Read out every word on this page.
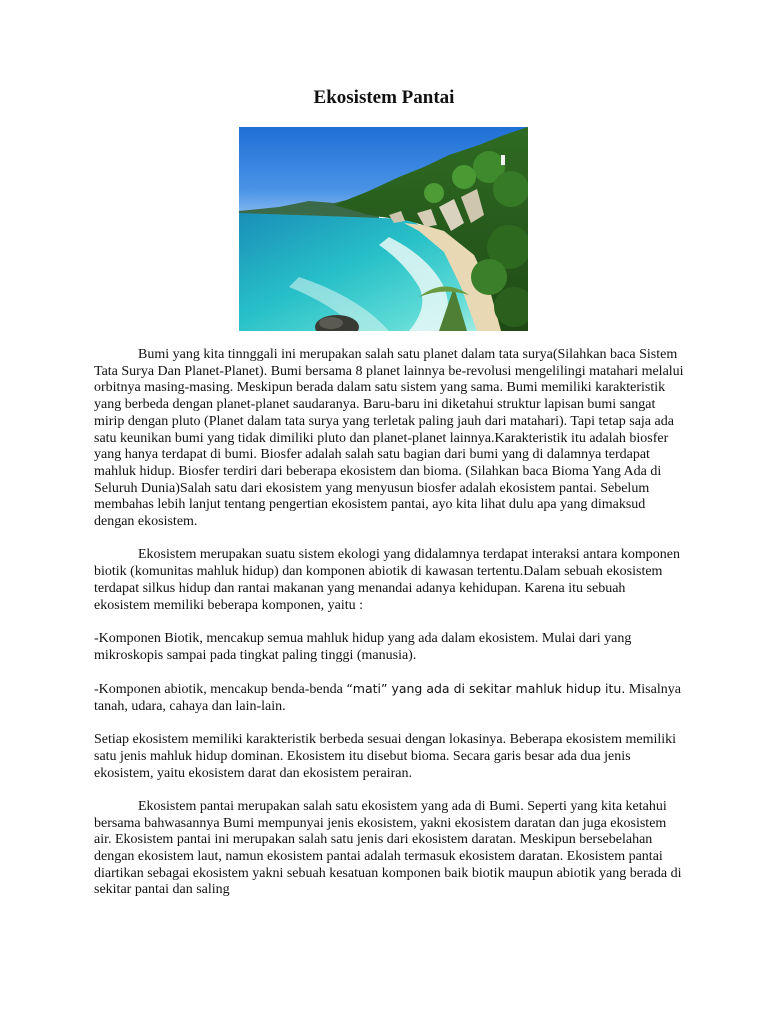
Ekosistem Pantai

Bumi yang kita tinnggali ini merupakan salah satu planet dalam tata surya(Silahkan baca Sistem Tata Surya Dan Planet-Planet). Bumi bersama 8 planet lainnya be-revolusi mengelilingi matahari melalui orbitnya masing-masing. Meskipun berada dalam satu sistem yang sama. Bumi memiliki karakteristik yang berbeda dengan planet-planet saudaranya. Baru-baru ini diketahui struktur lapisan bumi sangat mirip dengan pluto (Planet dalam tata surya yang terletak paling jauh dari matahari). Tapi tetap saja ada satu keunikan bumi yang tidak dimiliki pluto dan planet-planet lainnya.Karakteristik itu adalah biosfer yang hanya terdapat di bumi. Biosfer adalah salah satu bagian dari bumi yang di dalamnya terdapat mahluk hidup. Biosfer terdiri dari beberapa ekosistem dan bioma. (Silahkan baca Bioma Yang Ada di Seluruh Dunia)Salah satu dari ekosistem yang menyusun biosfer adalah ekosistem pantai. Sebelum membahas lebih lanjut tentang pengertian ekosistem pantai, ayo kita lihat dulu apa yang dimaksud dengan ekosistem.

Ekosistem merupakan suatu sistem ekologi yang didalamnya terdapat interaksi antara komponen biotik (komunitas mahluk hidup) dan komponen abiotik di kawasan tertentu.Dalam sebuah ekosistem terdapat silkus hidup dan rantai makanan yang menandai adanya kehidupan. Karena itu sebuah ekosistem memiliki beberapa komponen, yaitu :

-Komponen Biotik, mencakup semua mahluk hidup yang ada dalam ekosistem. Mulai dari yang mikroskopis sampai pada tingkat paling tinggi (manusia).

-Komponen abiotik, mencakup benda-benda “mati” yang ada di sekitar mahluk hidup itu. Misalnya tanah, udara, cahaya dan lain-lain.

Setiap ekosistem memiliki karakteristik berbeda sesuai dengan lokasinya. Beberapa ekosistem memiliki satu jenis mahluk hidup dominan. Ekosistem itu disebut bioma. Secara garis besar ada dua jenis ekosistem, yaitu ekosistem darat dan ekosistem perairan.

Ekosistem pantai merupakan salah satu ekosistem yang ada di Bumi. Seperti yang kita ketahui bersama bahwasannya Bumi mempunyai jenis ekosistem, yakni ekosistem daratan dan juga ekosistem air. Ekosistem pantai ini merupakan salah satu jenis dari ekosistem daratan. Meskipun bersebelahan dengan ekosistem laut, namun ekosistem pantai adalah termasuk ekosistem daratan. Ekosistem pantai diartikan sebagai ekosistem yakni sebuah kesatuan komponen baik biotik maupun abiotik yang berada di sekitar pantai dan saling
